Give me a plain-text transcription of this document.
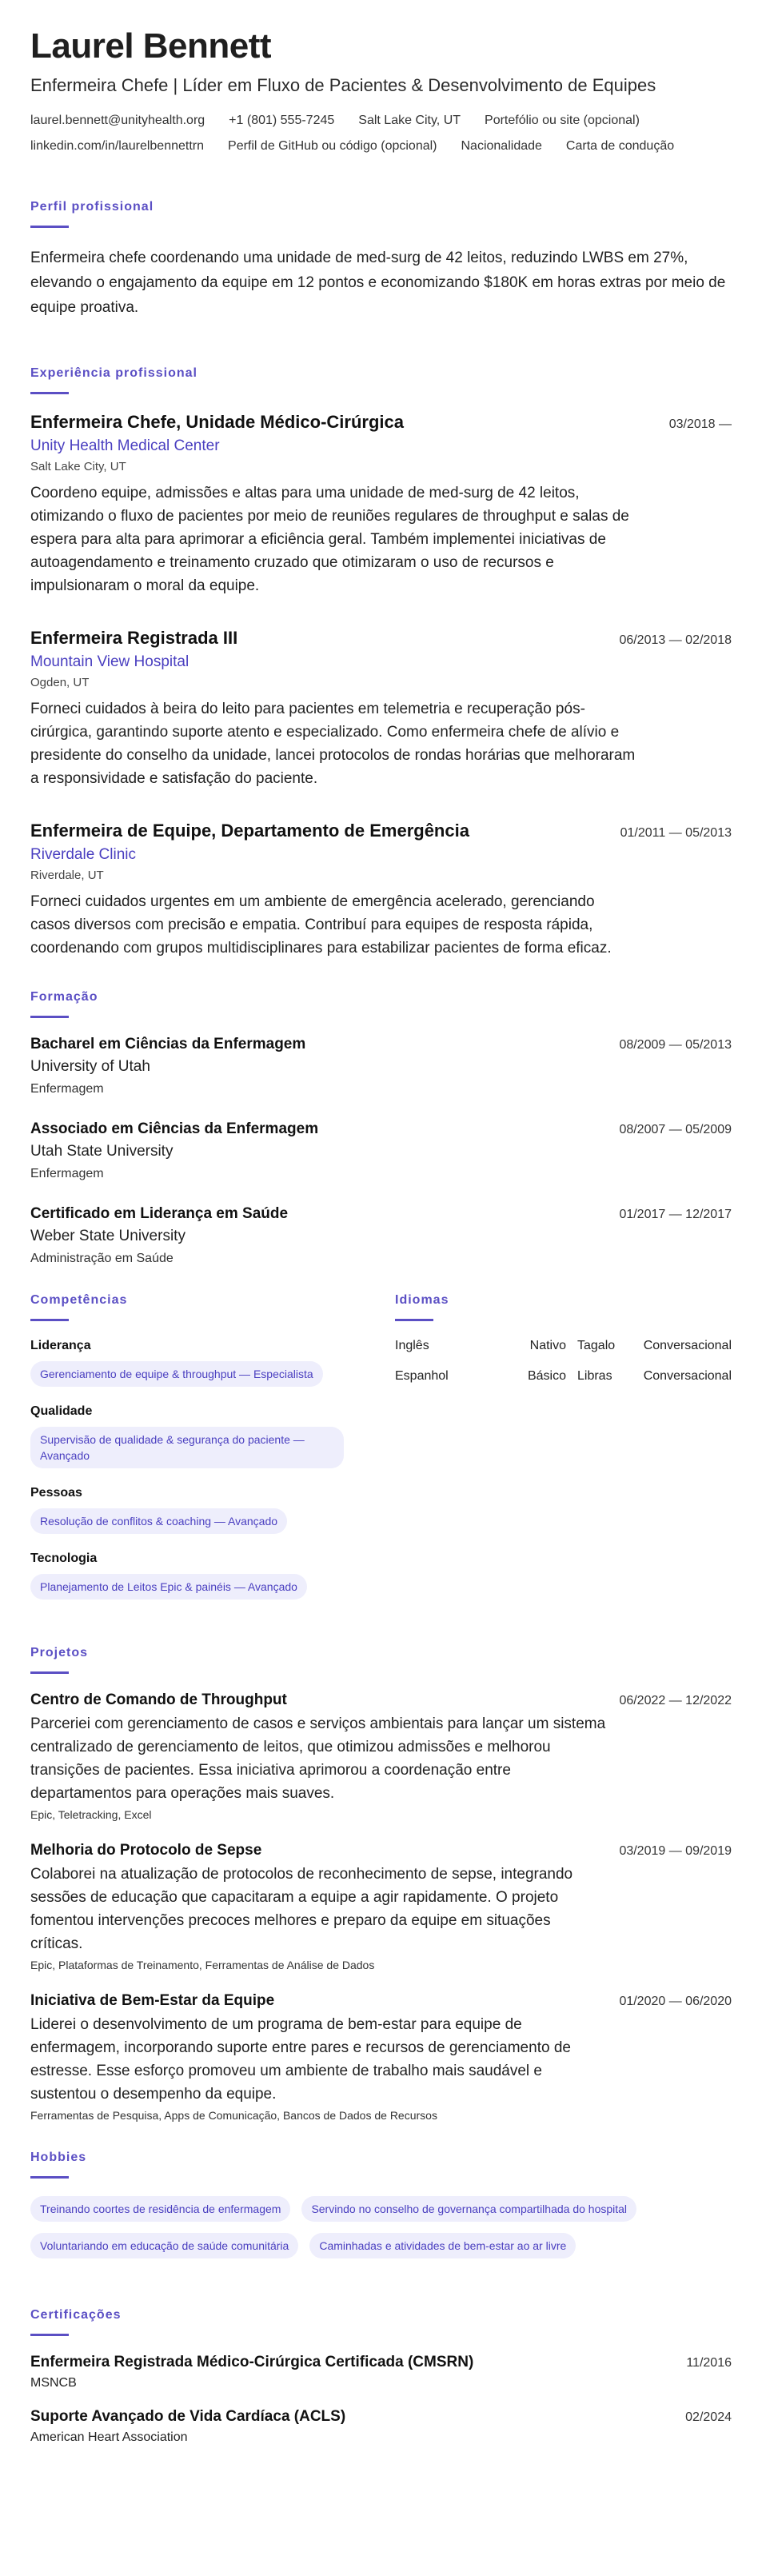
Laurel Bennett
Enfermeira Chefe | Líder em Fluxo de Pacientes & Desenvolvimento de Equipes
laurel.bennett@unityhealth.org +1 (801) 555-7245 Salt Lake City, UT Portefólio ou site (opcional)
linkedin.com/in/laurelbennettrn Perfil de GitHub ou código (opcional) Nacionalidade Carta de condução
Perfil profissional

Enfermeira chefe coordenando uma unidade de med-surg de 42 leitos, reduzindo LWBS em 27%, elevando o engajamento da equipe em 12 pontos e economizando $180K em horas extras por meio de equipe proativa.

Experiência profissional
Enfermeira Chefe, Unidade Médico-Cirúrgica	03/2018 —
Unity Health Medical Center
Salt Lake City, UT
Coordeno equipe, admissões e altas para uma unidade de med-surg de 42 leitos, otimizando o fluxo de pacientes por meio de reuniões regulares de throughput e salas de espera para alta para aprimorar a eficiência geral. Também implementei iniciativas de autoagendamento e treinamento cruzado que otimizaram o uso de recursos e impulsionaram o moral da equipe.
Enfermeira Registrada III	06/2013 — 02/2018
Mountain View Hospital
Ogden, UT
Forneci cuidados à beira do leito para pacientes em telemetria e recuperação pós-cirúrgica, garantindo suporte atento e especializado. Como enfermeira chefe de alívio e presidente do conselho da unidade, lancei protocolos de rondas horárias que melhoraram a responsividade e satisfação do paciente.
Enfermeira de Equipe, Departamento de Emergência	01/2011 — 05/2013
Riverdale Clinic
Riverdale, UT
Forneci cuidados urgentes em um ambiente de emergência acelerado, gerenciando casos diversos com precisão e empatia. Contribuí para equipes de resposta rápida, coordenando com grupos multidisciplinares para estabilizar pacientes de forma eficaz.
Formação
Bacharel em Ciências da Enfermagem	08/2009 — 05/2013
University of Utah
Enfermagem
Associado em Ciências da Enfermagem	08/2007 — 05/2009
Utah State University
Enfermagem
Certificado em Liderança em Saúde	01/2017 — 12/2017
Weber State University
Administração em Saúde
Competências
Liderança
Gerenciamento de equipe & throughput — Especialista
Qualidade
Supervisão de qualidade & segurança do paciente — Avançado
Pessoas
Resolução de conflitos & coaching — Avançado
Tecnologia
Planejamento de Leitos Epic & painéis — Avançado
Idiomas
Inglês	Nativo Tagalo	Conversacional
Espanhol	Básico Libras	Conversacional
Projetos
Centro de Comando de Throughput	06/2022 — 12/2022
Parceriei com gerenciamento de casos e serviços ambientais para lançar um sistema centralizado de gerenciamento de leitos, que otimizou admissões e melhorou transições de pacientes. Essa iniciativa aprimorou a coordenação entre departamentos para operações mais suaves.
Epic, Teletracking, Excel
Melhoria do Protocolo de Sepse	03/2019 — 09/2019
Colaborei na atualização de protocolos de reconhecimento de sepse, integrando sessões de educação que capacitaram a equipe a agir rapidamente. O projeto fomentou intervenções precoces melhores e preparo da equipe em situações críticas.
Epic, Plataformas de Treinamento, Ferramentas de Análise de Dados
Iniciativa de Bem-Estar da Equipe	01/2020 — 06/2020
Liderei o desenvolvimento de um programa de bem-estar para equipe de enfermagem, incorporando suporte entre pares e recursos de gerenciamento de estresse. Esse esforço promoveu um ambiente de trabalho mais saudável e sustentou o desempenho da equipe.
Ferramentas de Pesquisa, Apps de Comunicação, Bancos de Dados de Recursos
Hobbies
Treinando coortes de residência de enfermagem	Servindo no conselho de governança compartilhada do hospital
Voluntariando em educação de saúde comunitária	Caminhadas e atividades de bem-estar ao ar livre
Certificações
Enfermeira Registrada Médico-Cirúrgica Certificada (CMSRN)	11/2016
MSNCB
Suporte Avançado de Vida Cardíaca (ACLS)	02/2024
American Heart Association
